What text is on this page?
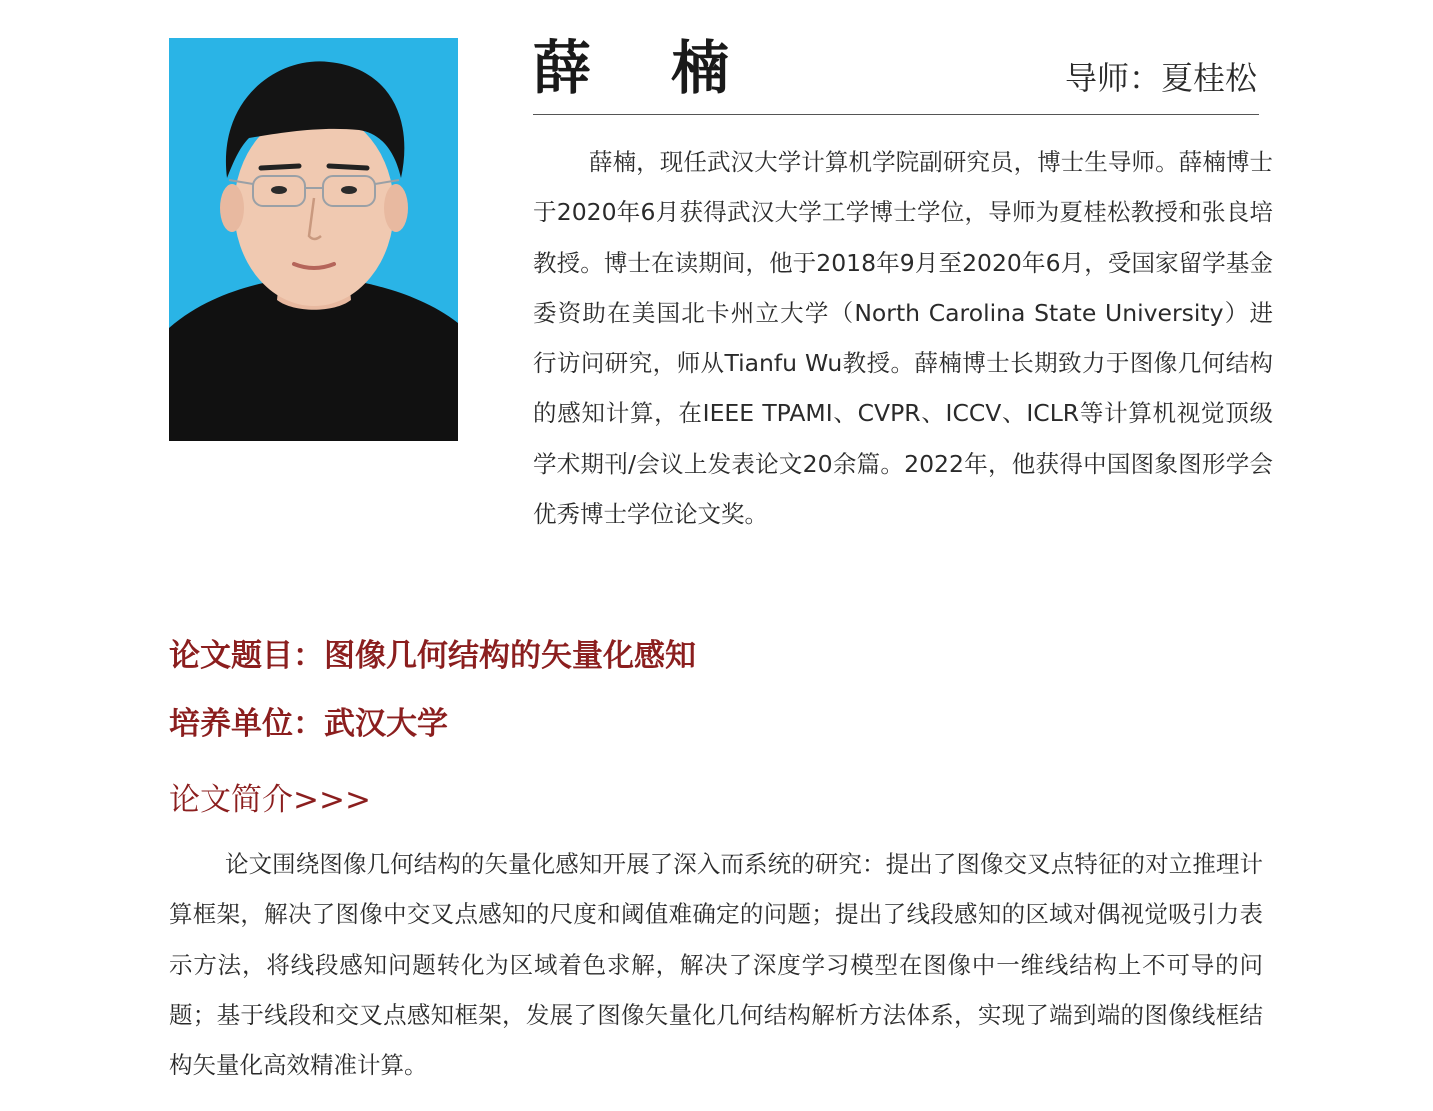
薛 楠	导师：夏桂松

薛楠，现任武汉大学计算机学院副研究员，博士生导师。薛楠博士于2020年6月获得武汉大学工学博士学位，导师为夏桂松教授和张良培教授。博士在读期间，他于2018年9月至2020年6月，受国家留学基金委资助在美国北卡州立大学（North Carolina State University）进行访问研究，师从Tianfu Wu教授。薛楠博士长期致力于图像几何结构的感知计算，在IEEE TPAMI、CVPR、ICCV、ICLR等计算机视觉顶级学术期刊/会议上发表论文20余篇。2022年，他获得中国图象图形学会优秀博士学位论文奖。

论文题目：图像几何结构的矢量化感知
培养单位：武汉大学
论文简介>>>

论文围绕图像几何结构的矢量化感知开展了深入而系统的研究：提出了图像交叉点特征的对立推理计算框架，解决了图像中交叉点感知的尺度和阈值难确定的问题；提出了线段感知的区域对偶视觉吸引力表示方法，将线段感知问题转化为区域着色求解，解决了深度学习模型在图像中一维线结构上不可导的问题；基于线段和交叉点感知框架，发展了图像矢量化几何结构解析方法体系，实现了端到端的图像线框结构矢量化高效精准计算。
